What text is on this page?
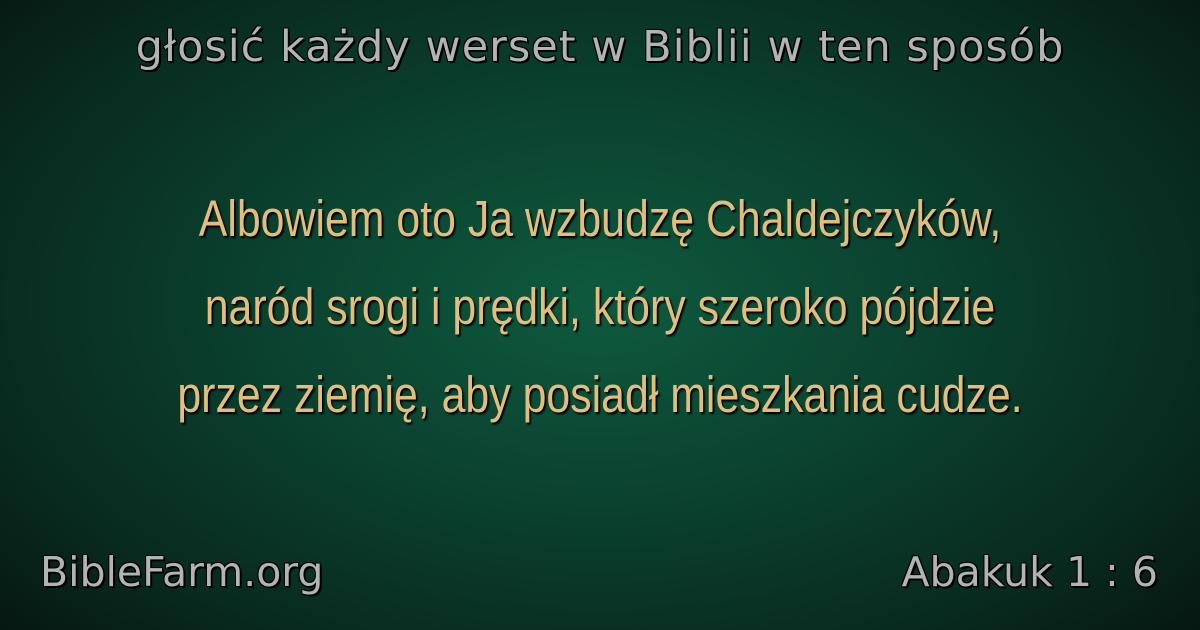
głosić każdy werset w Biblii w ten sposób
Albowiem oto Ja wzbudzę Chaldejczyków,
naród srogi i prędki, który szeroko pójdzie
przez ziemię, aby posiadł mieszkania cudze.
BibleFarm.org	Abakuk 1 : 6
